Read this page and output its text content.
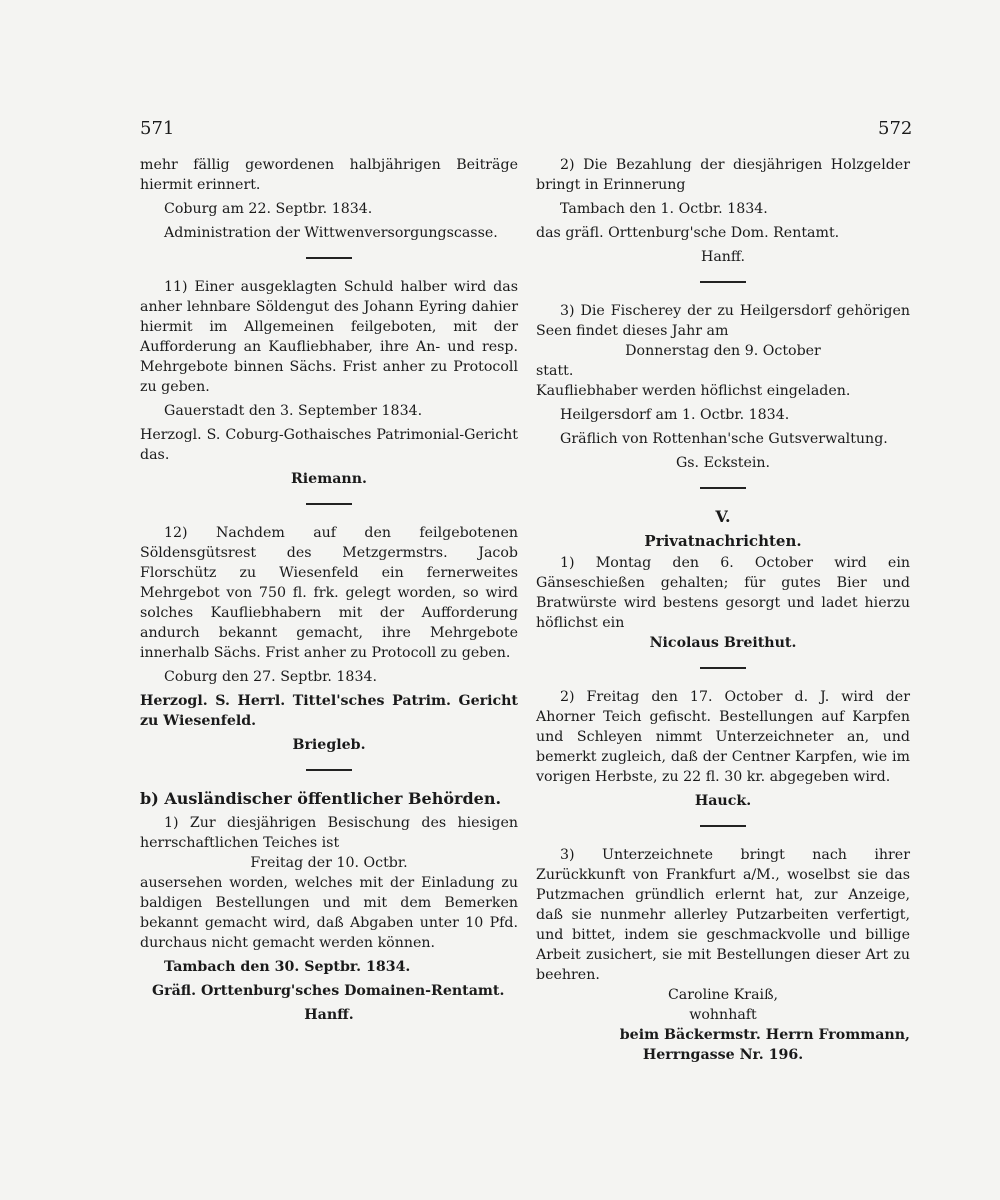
571	572

mehr fällig gewordenen halbjährigen Beiträge hiermit erinnert.

Coburg am 22. Septbr. 1834.

Administration der Wittwenversorgungscasse.

11) Einer ausgeklagten Schuld halber wird das anher lehnbare Söldengut des Johann Eyring dahier hiermit im Allgemeinen feilgeboten, mit der Aufforderung an Kaufliebhaber, ihre An- und resp. Mehrgebote binnen Sächs. Frist anher zu Protocoll zu geben.

Gauerstadt den 3. September 1834.

Herzogl. S. Coburg-Gothaisches Patrimonial-Gericht das.

Riemann.

12) Nachdem auf den feilgebotenen Söldensgütsrest des Metzgermstrs. Jacob Florschütz zu Wiesenfeld ein fernerweites Mehrgebot von 750 fl. frk. gelegt worden, so wird solches Kaufliebhabern mit der Aufforderung andurch bekannt gemacht, ihre Mehrgebote innerhalb Sächs. Frist anher zu Protocoll zu geben.

Coburg den 27. Septbr. 1834.

Herzogl. S. Herrl. Tittel'sches Patrim. Gericht zu Wiesenfeld.

Briegleb.

b) Ausländischer öffentlicher Behörden.

1) Zur diesjährigen Besischung des hiesigen herrschaftlichen Teiches ist

Freitag der 10. Octbr.

ausersehen worden, welches mit der Einladung zu baldigen Bestellungen und mit dem Bemerken bekannt gemacht wird, daß Abgaben unter 10 Pfd. durchaus nicht gemacht werden können.

Tambach den 30. Septbr. 1834.

Gräfl. Orttenburg'sches Domainen-Rentamt.

Hanff.

2) Die Bezahlung der diesjährigen Holzgelder bringt in Erinnerung

Tambach den 1. Octbr. 1834.

das gräfl. Orttenburg'sche Dom. Rentamt.

Hanff.

3) Die Fischerey der zu Heilgersdorf gehörigen Seen findet dieses Jahr am

Donnerstag den 9. October

statt.

Kaufliebhaber werden höflichst eingeladen.

Heilgersdorf am 1. Octbr. 1834.

Gräflich von Rottenhan'sche Gutsverwaltung.

Gs. Eckstein.

V.

Privatnachrichten.

1) Montag den 6. October wird ein Gänseschießen gehalten; für gutes Bier und Bratwürste wird bestens gesorgt und ladet hierzu höflichst ein

Nicolaus Breithut.

2) Freitag den 17. October d. J. wird der Ahorner Teich gefischt. Bestellungen auf Karpfen und Schleyen nimmt Unterzeichneter an, und bemerkt zugleich, daß der Centner Karpfen, wie im vorigen Herbste, zu 22 fl. 30 kr. abgegeben wird.

Hauck.

3) Unterzeichnete bringt nach ihrer Zurückkunft von Frankfurt a/M., woselbst sie das Putzmachen gründlich erlernt hat, zur Anzeige, daß sie nunmehr allerley Putzarbeiten verfertigt, und bittet, indem sie geschmackvolle und billige Arbeit zusichert, sie mit Bestellungen dieser Art zu beehren.

Caroline Kraiß,

wohnhaft

beim Bäckermstr. Herrn Frommann,

Herrngasse Nr. 196.
